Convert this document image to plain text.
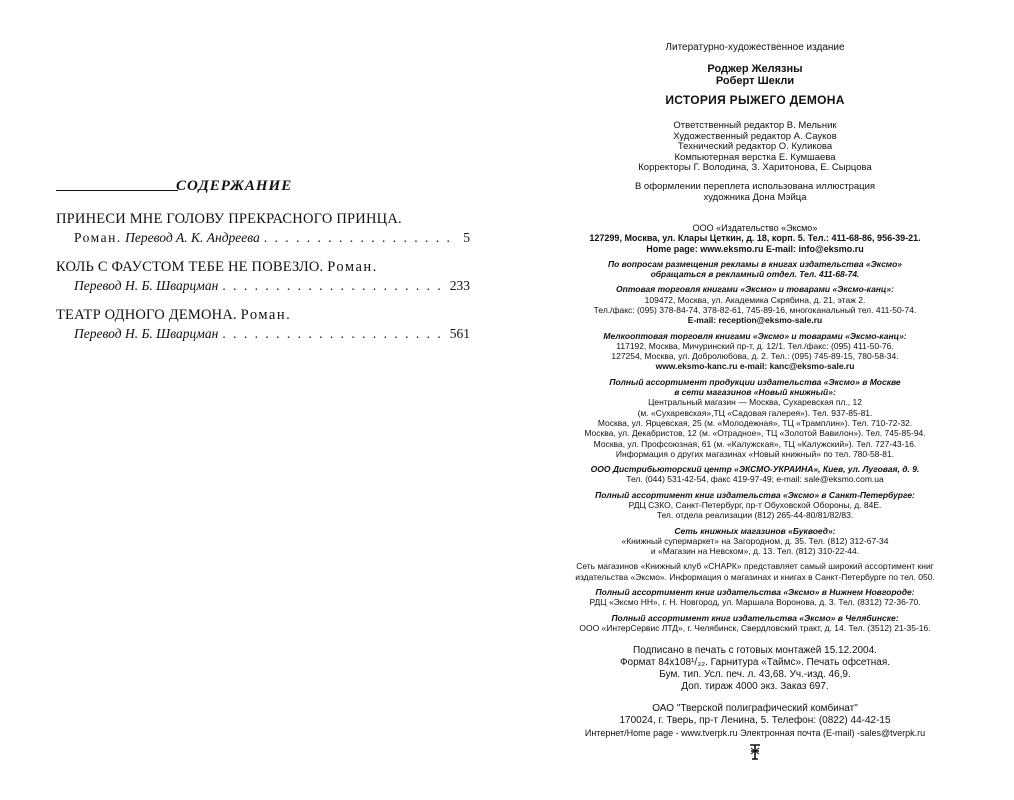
СОДЕРЖАНИЕ
ПРИНЕСИ МНЕ ГОЛОВУ ПРЕКРАСНОГО ПРИНЦА.
Роман.
Перевод А. К. Андреева . . .	5
КОЛЬ С ФАУСТОМ ТЕБЕ НЕ ПОВЕЗЛО. Роман.
Перевод Н. Б. Шварцман . . .	233
ТЕАТР ОДНОГО ДЕМОНА. Роман.
Перевод Н. Б. Шварцман . . .	561
Литературно-художественное издание
Роджер Желязны
Роберт Шекли
ИСТОРИЯ РЫЖЕГО ДЕМОНА
Ответственный редактор В. Мельник
Художественный редактор А. Сауков
Технический редактор О. Куликова
Компьютерная верстка Е. Кумшаева
Корректоры Г. Володина, З. Харитонова, Е. Сырцова
В оформлении переплета использована иллюстрация
художника Дона Мэйца
ООО «Издательство «Эксмо»
127299, Москва, ул. Клары Цеткин, д. 18, корп. 5. Тел.: 411-68-86, 956-39-21.
Home page: www.eksmo.ru E-mail: info@eksmo.ru
По вопросам размещения рекламы в книгах издательства «Эксмо»
обращаться в рекламный отдел. Тел. 411-68-74.
Оптовая торговля книгами «Эксмо» и товарами «Эксмо-канц»:
109472, Москва, ул. Академика Скрябина, д. 21, этаж 2.
Тел./факс: (095) 378-84-74, 378-82-61, 745-89-16, многоканальный тел. 411-50-74.
E-mail: reception@eksmo-sale.ru
Мелкооптовая торговля книгами «Эксмо» и товарами «Эксмо-канц»:
117192, Москва, Мичуринский пр-т, д. 12/1. Тел./факс: (095) 411-50-76.
127254, Москва, ул. Добролюбова, д. 2. Тел.: (095) 745-89-15, 780-58-34.
www.eksmo-kanc.ru e-mail: kanc@eksmo-sale.ru
Полный ассортимент продукции издательства «Эксмо» в Москве
в сети магазинов «Новый книжный»:
Центральный магазин — Москва, Сухаревская пл., 12
(м. «Сухаревская»,ТЦ «Садовая галерея»). Тел. 937-85-81.
Москва, ул. Ярцевская, 25 (м. «Молодежная», ТЦ «Трамплин»). Тел. 710-72-32.
Москва, ул. Декабристов, 12 (м. «Отрадное», ТЦ «Золотой Вавилон»). Тел. 745-85-94.
Москва, ул. Профсоюзная, 61 (м. «Калужская», ТЦ «Калужский»). Тел. 727-43-16.
Информация о других магазинах «Новый книжный» по тел. 780-58-81.
ООО Дистрибьюторский центр «ЭКСМО-УКРАИНА», Киев, ул. Луговая, д. 9.
Тел. (044) 531-42-54, факс 419-97-49; e-mail: sale@eksmo.com.ua
Полный ассортимент книг издательства «Эксмо» в Санкт-Петербурге:
РДЦ СЗКО, Санкт-Петербург, пр-т Обуховской Обороны, д. 84Е.
Тел. отдела реализации (812) 265-44-80/81/82/83.
Сеть книжных магазинов «Буквоед»:
«Книжный супермаркет» на Загородном, д. 35. Тел. (812) 312-67-34
и «Магазин на Невском», д. 13. Тел. (812) 310-22-44.
Сеть магазинов «Книжный клуб «СНАРК» представляет самый широкий ассортимент книг
издательства «Эксмо». Информация о магазинах и книгах в Санкт-Петербурге по тел. 050.
Полный ассортимент книг издательства «Эксмо» в Нижнем Новгороде:
РДЦ «Эксмо НН», г. Н. Новгород, ул. Маршала Воронова, д. 3. Тел. (8312) 72-36-70.
Полный ассортимент книг издательства «Эксмо» в Челябинске:
ООО «ИнтерСервис ЛТД», г. Челябинск, Свердловский тракт, д. 14. Тел. (3512) 21-35-16.
Подписано в печать с готовых монтажей 15.12.2004.
Формат 84x108¹/₃₂. Гарнитура «Таймс». Печать офсетная.
Бум. тип. Усл. печ. л. 43,68. Уч.-изд. 46,9.
Доп. тираж 4000 экз. Заказ 697.
ОАО "Тверской полиграфический комбинат"
170024, г. Тверь, пр-т Ленина, 5. Телефон: (0822) 44-42-15
Интернет/Home page - www.tverpk.ru Электронная почта (E-mail) -sales@tverpk.ru
